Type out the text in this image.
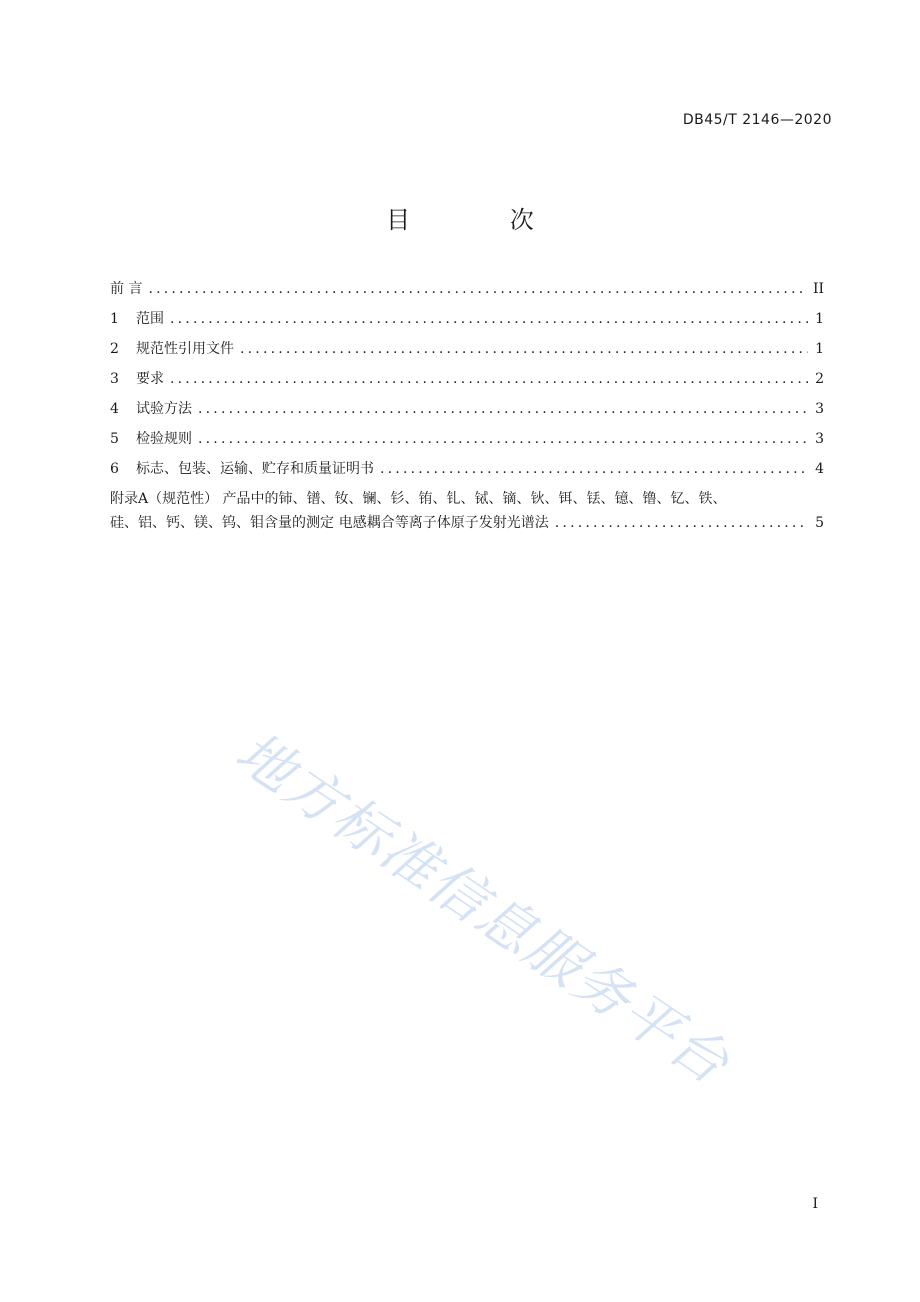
DB45/T 2146—2020
目 次
前 言 .....	II
1	范围 .....	1
2	规范性引用文件 .....	1
3	要求 .....	2
4	试验方法 .....	3
5	检验规则 .....	3
6	标志、包装、运输、贮存和质量证明书 .....	4
附录A（规范性） 产品中的铈、镨、钕、镧、钐、铕、钆、铽、镝、钬、铒、铥、镱、镥、钇、铁、
硅、铝、钙、镁、钨、钼含量的测定 电感耦合等离子体原子发射光谱法 .....	5
地方标准信息服务平台
I
